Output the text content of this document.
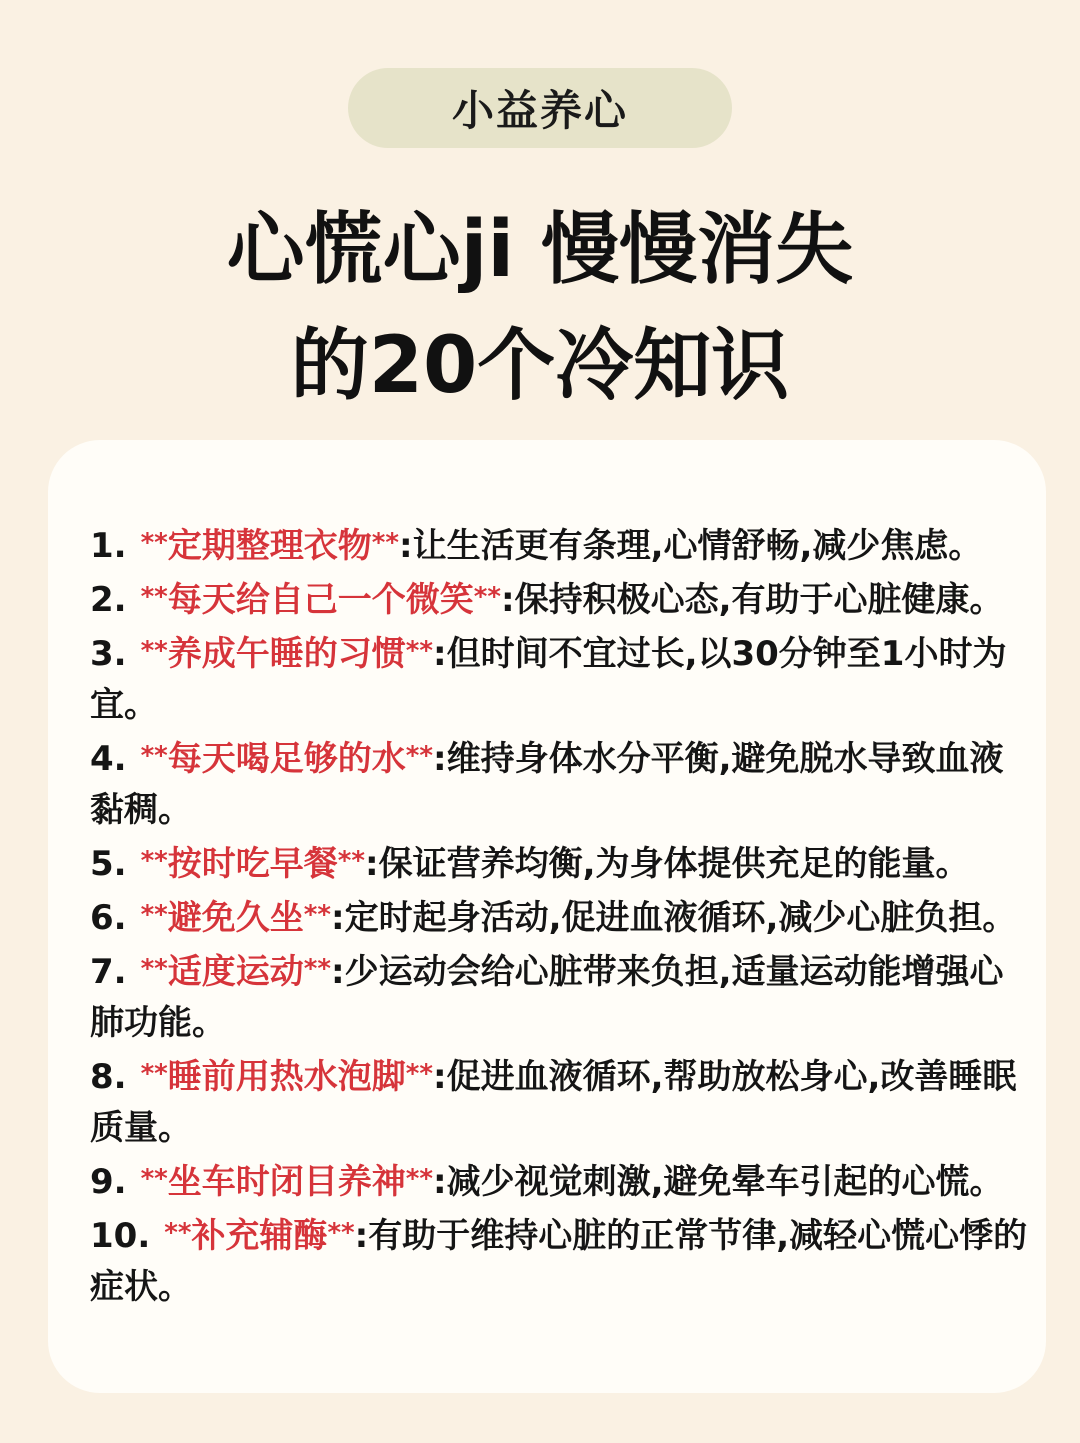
小益养心
心慌心ji 慢慢消失
的20个冷知识
1. **定期整理衣物**:让生活更有条理,心情舒畅,减少焦虑。
2. **每天给自己一个微笑**:保持积极心态,有助于心脏健康。
3. **养成午睡的习惯**:但时间不宜过长,以30分钟至1小时为宜。
4. **每天喝足够的水**:维持身体水分平衡,避免脱水导致血液黏稠。
5. **按时吃早餐**:保证营养均衡,为身体提供充足的能量。
6. **避免久坐**:定时起身活动,促进血液循环,减少心脏负担。
7. **适度运动**:少运动会给心脏带来负担,适量运动能增强心肺功能。
8. **睡前用热水泡脚**:促进血液循环,帮助放松身心,改善睡眠质量。
9. **坐车时闭目养神**:减少视觉刺激,避免晕车引起的心慌。
10. **补充辅酶**:有助于维持心脏的正常节律,减轻心慌心悸的症状。
